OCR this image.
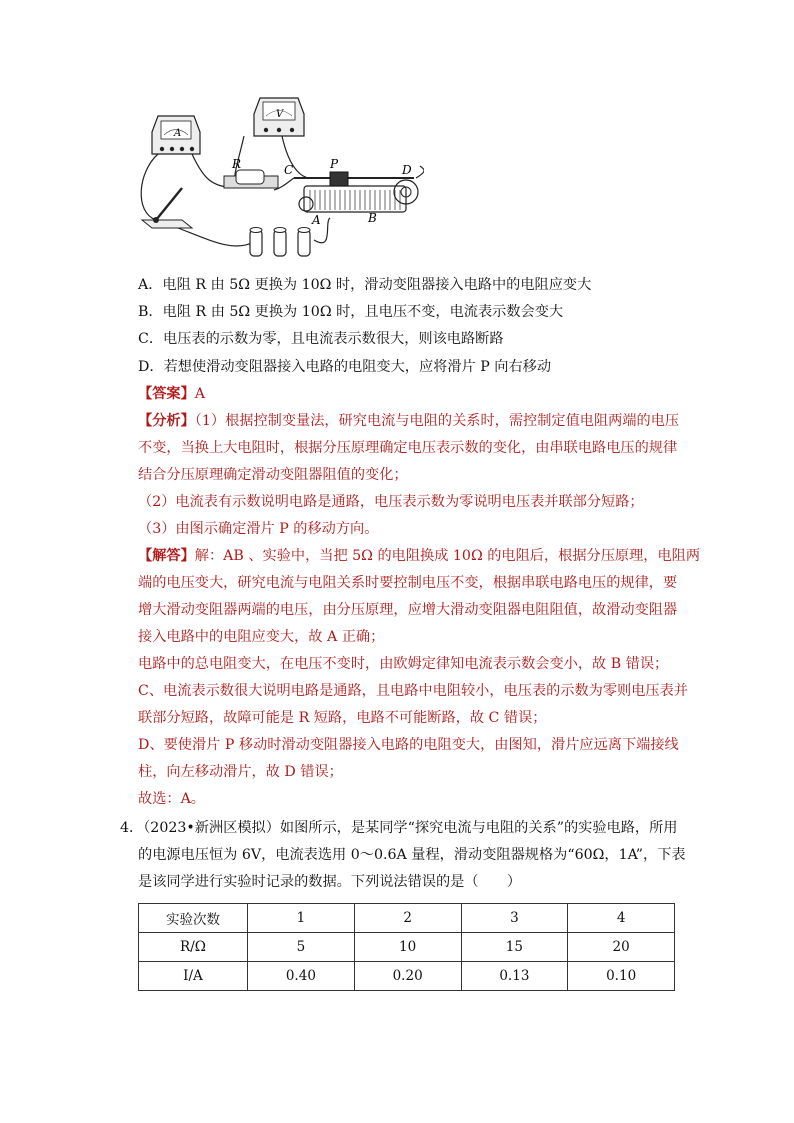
A
V
R	P
C	D
A	B
A．电阻 R 由 5Ω 更换为 10Ω 时，滑动变阻器接入电路中的电阻应变大
B．电阻 R 由 5Ω 更换为 10Ω 时，且电压不变，电流表示数会变大
C．电压表的示数为零，且电流表示数很大，则该电路断路
D．若想使滑动变阻器接入电路的电阻变大，应将滑片 P 向右移动
【答案】A
【分析】（1）根据控制变量法，研究电流与电阻的关系时，需控制定值电阻两端的电压
不变，当换上大电阻时，根据分压原理确定电压表示数的变化，由串联电路电压的规律
结合分压原理确定滑动变阻器阻值的变化；
（2）电流表有示数说明电路是通路，电压表示数为零说明电压表并联部分短路；
（3）由图示确定滑片 P 的移动方向。
【解答】解：AB 、实验中，当把 5Ω 的电阻换成 10Ω 的电阻后，根据分压原理，电阻两
端的电压变大，研究电流与电阻关系时要控制电压不变，根据串联电路电压的规律，要
增大滑动变阻器两端的电压，由分压原理，应增大滑动变阻器电阻阻值，故滑动变阻器
接入电路中的电阻应变大，故 A 正确；
电路中的总电阻变大，在电压不变时，由欧姆定律知电流表示数会变小，故 B 错误；
C、电流表示数很大说明电路是通路，且电路中电阻较小，电压表的示数为零则电压表并
联部分短路，故障可能是 R 短路，电路不可能断路，故 C 错误；
D、要使滑片 P 移动时滑动变阻器接入电路的电阻变大，由图知，滑片应远离下端接线
柱，向左移动滑片，故 D 错误；
故选：A。
4．（2023•新洲区模拟）如图所示，是某同学“探究电流与电阻的关系”的实验电路，所用
的电源电压恒为 6V，电流表选用 0～0.6A 量程，滑动变阻器规格为“60Ω，1A”，下表
是该同学进行实验时记录的数据。下列说法错误的是（　　）
实验次数	1	2	3	4
R/Ω	5	10	15	20
I/A	0.40	0.20	0.13	0.10
